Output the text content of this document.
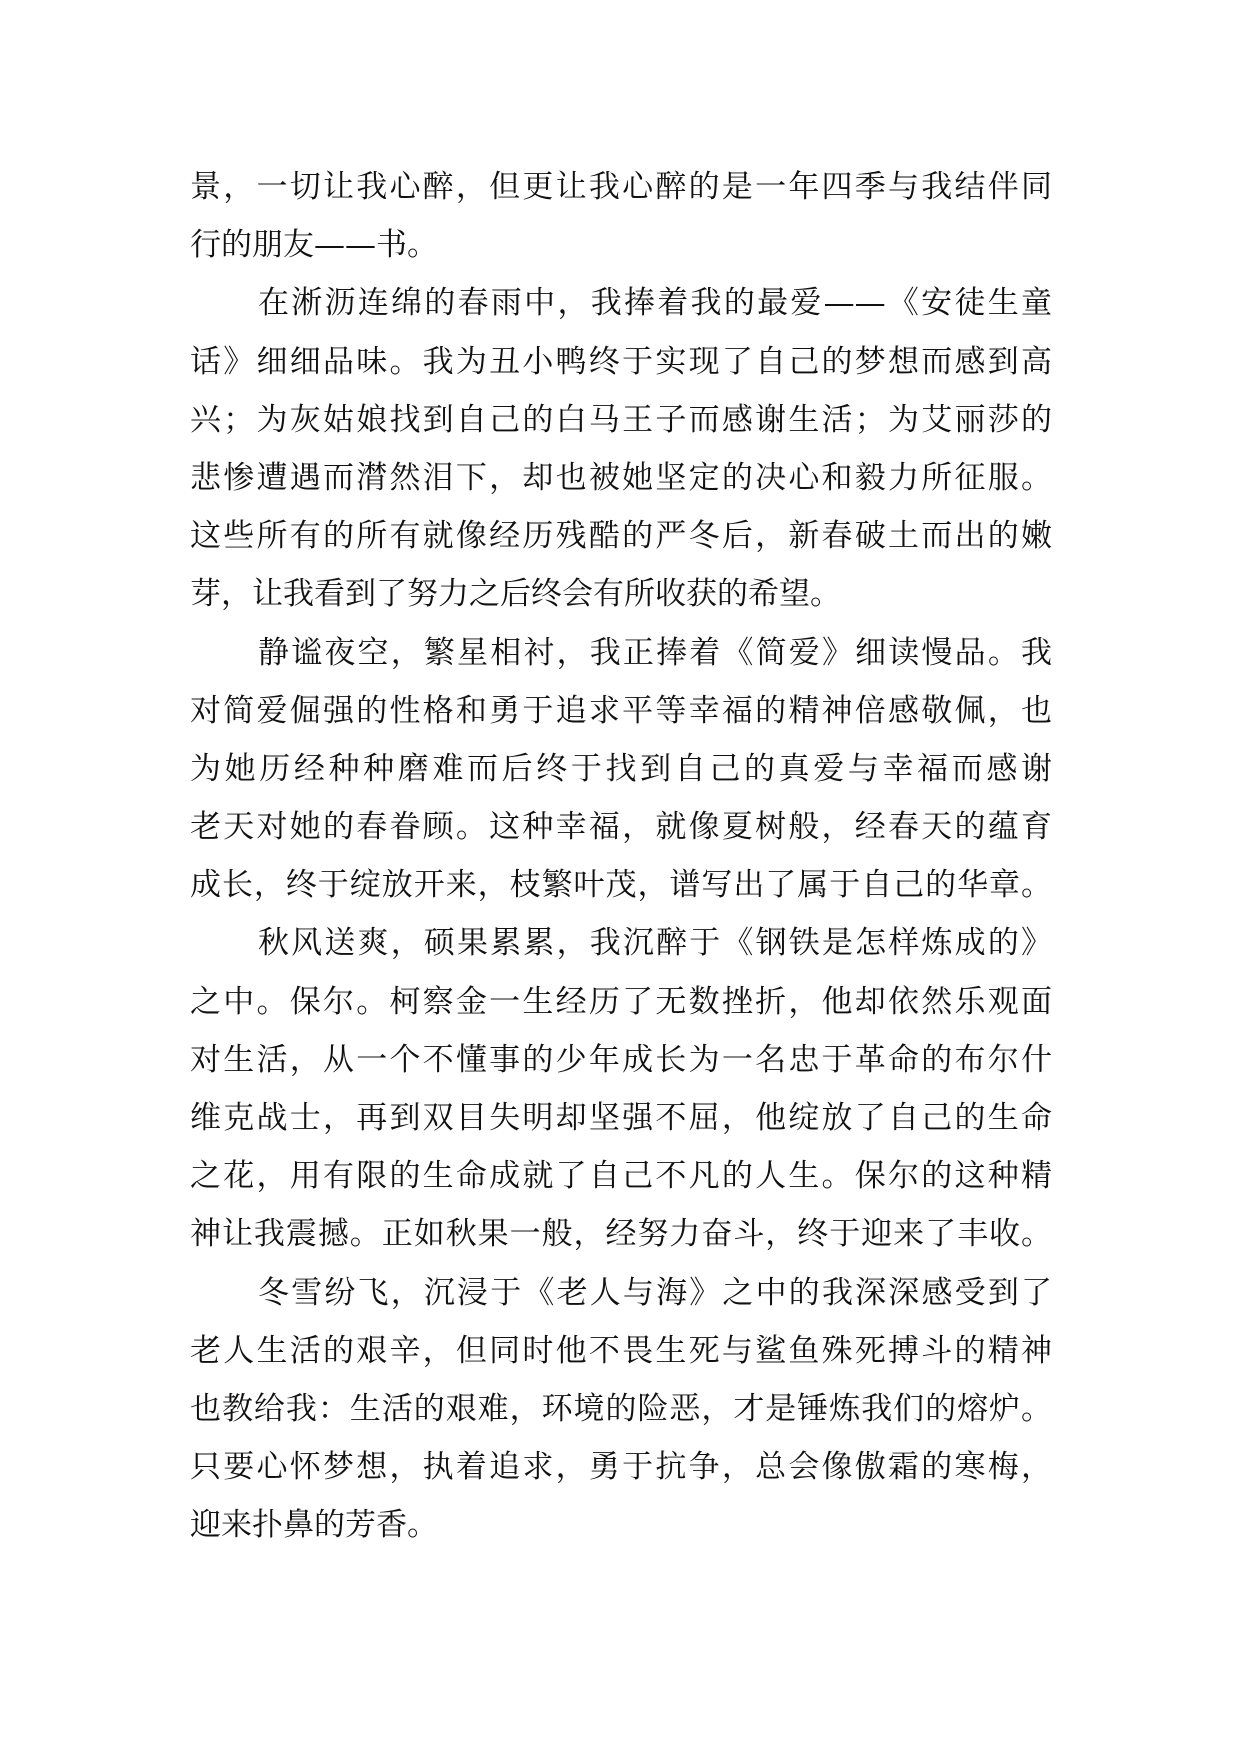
景，一切让我心醉，但更让我心醉的是一年四季与我结伴同
行的朋友——书。
在淅沥连绵的春雨中，我捧着我的最爱——《安徒生童
话》细细品味。我为丑小鸭终于实现了自己的梦想而感到高
兴；为灰姑娘找到自己的白马王子而感谢生活；为艾丽莎的
悲惨遭遇而潸然泪下，却也被她坚定的决心和毅力所征服。
这些所有的所有就像经历残酷的严冬后，新春破土而出的嫩
芽，让我看到了努力之后终会有所收获的希望。
静谧夜空，繁星相衬，我正捧着《简爱》细读慢品。我
对简爱倔强的性格和勇于追求平等幸福的精神倍感敬佩，也
为她历经种种磨难而后终于找到自己的真爱与幸福而感谢
老天对她的春眷顾。这种幸福，就像夏树般，经春天的蕴育
成长，终于绽放开来，枝繁叶茂，谱写出了属于自己的华章。
秋风送爽，硕果累累，我沉醉于《钢铁是怎样炼成的》
之中。保尔。柯察金一生经历了无数挫折，他却依然乐观面
对生活，从一个不懂事的少年成长为一名忠于革命的布尔什
维克战士，再到双目失明却坚强不屈，他绽放了自己的生命
之花，用有限的生命成就了自己不凡的人生。保尔的这种精
神让我震撼。正如秋果一般，经努力奋斗，终于迎来了丰收。
冬雪纷飞，沉浸于《老人与海》之中的我深深感受到了
老人生活的艰辛，但同时他不畏生死与鲨鱼殊死搏斗的精神
也教给我：生活的艰难，环境的险恶，才是锤炼我们的熔炉。
只要心怀梦想，执着追求，勇于抗争，总会像傲霜的寒梅，
迎来扑鼻的芳香。
